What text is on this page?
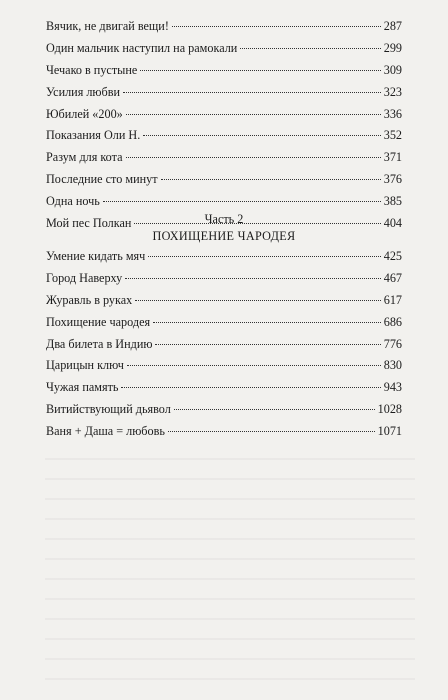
Вячик, не двигай вещи!	287
Один мальчик наступил на рамокали	299
Чечако в пустыне	309
Усилия любви	323
Юбилей «200»	336
Показания Оли Н.	352
Разум для кота	371
Последние сто минут	376
Одна ночь	385
Мой пес Полкан	404
Часть 2
ПОХИЩЕНИЕ ЧАРОДЕЯ
Умение кидать мяч	425
Город Наверху	467
Журавль в руках	617
Похищение чародея	686
Два билета в Индию	776
Царицын ключ	830
Чужая память	943
Витийствующий дьявол	1028
Ваня + Даша = любовь	1071
